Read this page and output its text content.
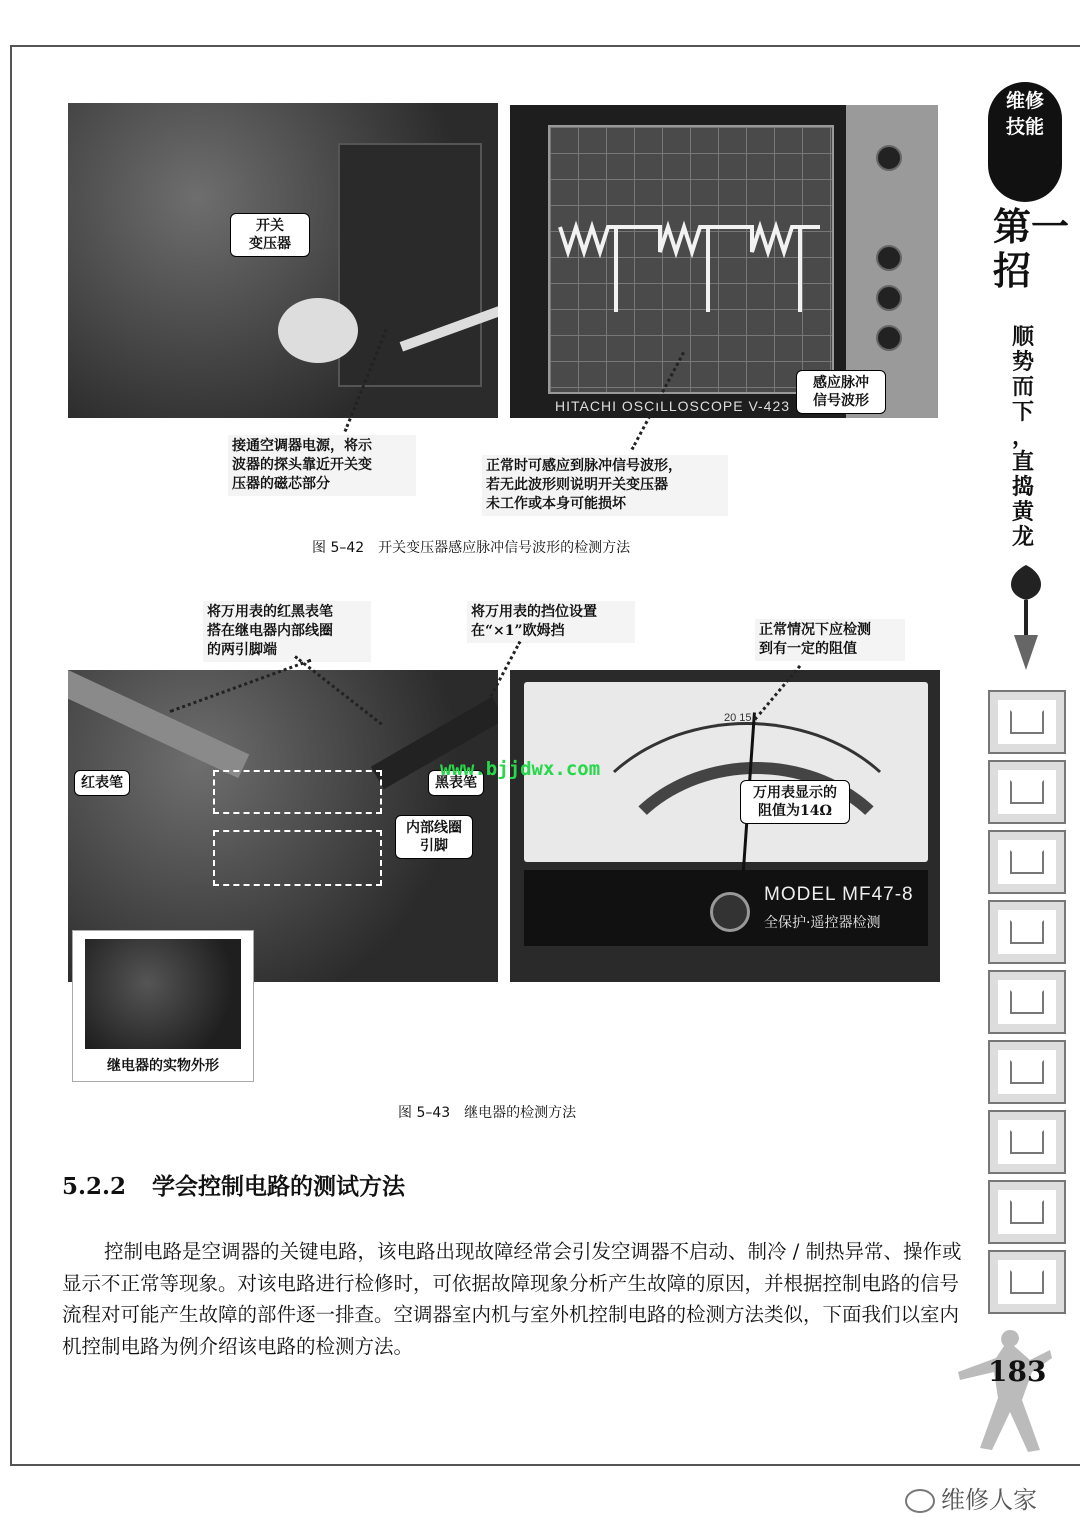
开关
变压器
HITACHI OSCILLOSCOPE V-423
感应脉冲
信号波形
接通空调器电源，将示
波器的探头靠近开关变
压器的磁芯部分
正常时可感应到脉冲信号波形，
若无此波形则说明开关变压器
未工作或本身可能损坏
图 5–42　开关变压器感应脉冲信号波形的检测方法
将万用表的红黑表笔
搭在继电器内部线圈
的两引脚端
将万用表的挡位设置
在“×1”欧姆挡	正常情况下应检测
到有一定的阻值
红表笔	黑表笔
内部线圈
引脚
继电器的实物外形
20 15
MODEL MF47-8
全保护·遥控器检测
万用表显示的
阻值为14Ω
www.bjjdwx.com
图 5–43　继电器的检测方法
5.2.2 学会控制电路的测试方法
控制电路是空调器的关键电路，该电路出现故障经常会引发空调器不启动、制冷 / 制热异常、操作或显示不正常等现象。对该电路进行检修时，可依据故障现象分析产生故障的原因，并根据控制电路的信号流程对可能产生故障的部件逐一排查。空调器室内机与室外机控制电路的检测方法类似，下面我们以室内机控制电路为例介绍该电路的检测方法。
维修
技能
第一
招
顺
势
而
下
，
直
捣
黄
龙
183
维修人家
